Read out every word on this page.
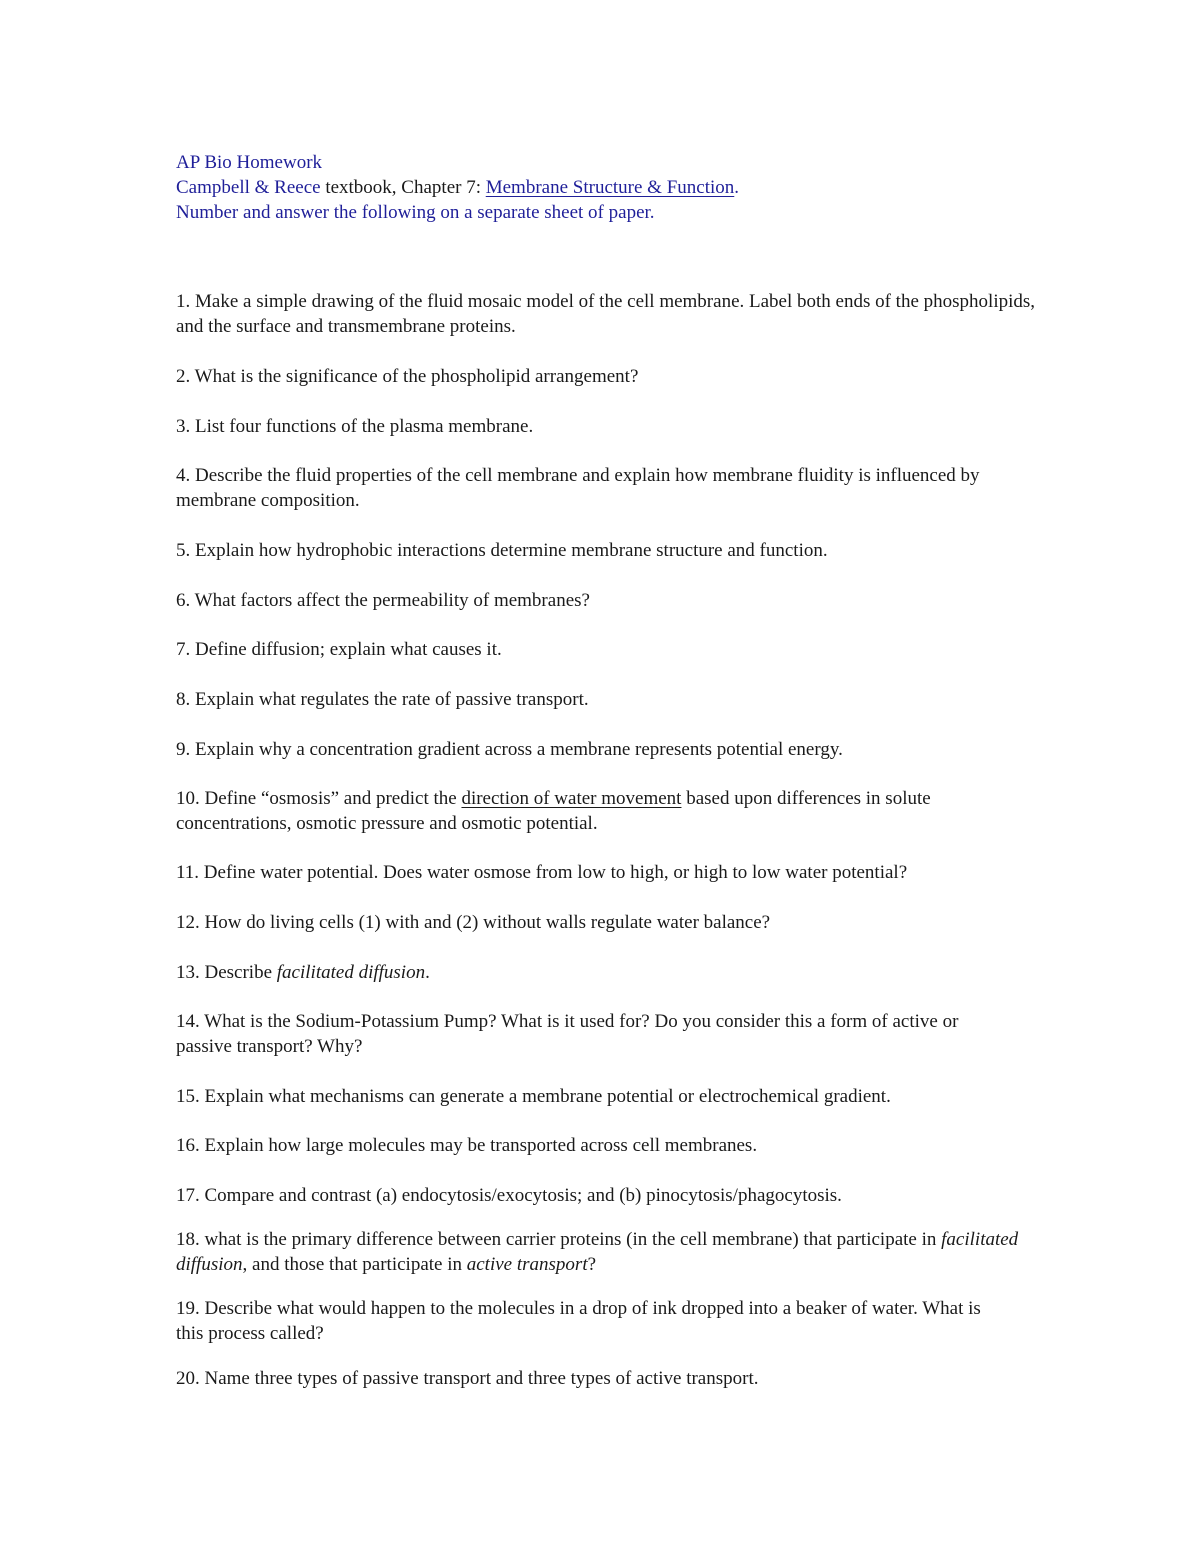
AP Bio Homework

Campbell & Reece textbook, Chapter 7: Membrane Structure & Function.

Number and answer the following on a separate sheet of paper.

1. Make a simple drawing of the fluid mosaic model of the cell membrane. Label both ends of the phospholipids, and the surface and transmembrane proteins.

2. What is the significance of the phospholipid arrangement?

3. List four functions of the plasma membrane.

4. Describe the fluid properties of the cell membrane and explain how membrane fluidity is influenced by membrane composition.

5. Explain how hydrophobic interactions determine membrane structure and function.

6. What factors affect the permeability of membranes?

7. Define diffusion; explain what causes it.

8. Explain what regulates the rate of passive transport.

9. Explain why a concentration gradient across a membrane represents potential energy.

10. Define “osmosis” and predict the direction of water movement based upon differences in solute concentrations, osmotic pressure and osmotic potential.

11. Define water potential. Does water osmose from low to high, or high to low water potential?

12. How do living cells (1) with and (2) without walls regulate water balance?

13. Describe facilitated diffusion.

14. What is the Sodium-Potassium Pump? What is it used for? Do you consider this a form of active or passive transport? Why?

15. Explain what mechanisms can generate a membrane potential or electrochemical gradient.

16. Explain how large molecules may be transported across cell membranes.

17. Compare and contrast (a) endocytosis/exocytosis; and (b) pinocytosis/phagocytosis.

18. what is the primary difference between carrier proteins (in the cell membrane) that participate in facilitated diffusion, and those that participate in active transport?

19. Describe what would happen to the molecules in a drop of ink dropped into a beaker of water. What is this process called?

20. Name three types of passive transport and three types of active transport.
